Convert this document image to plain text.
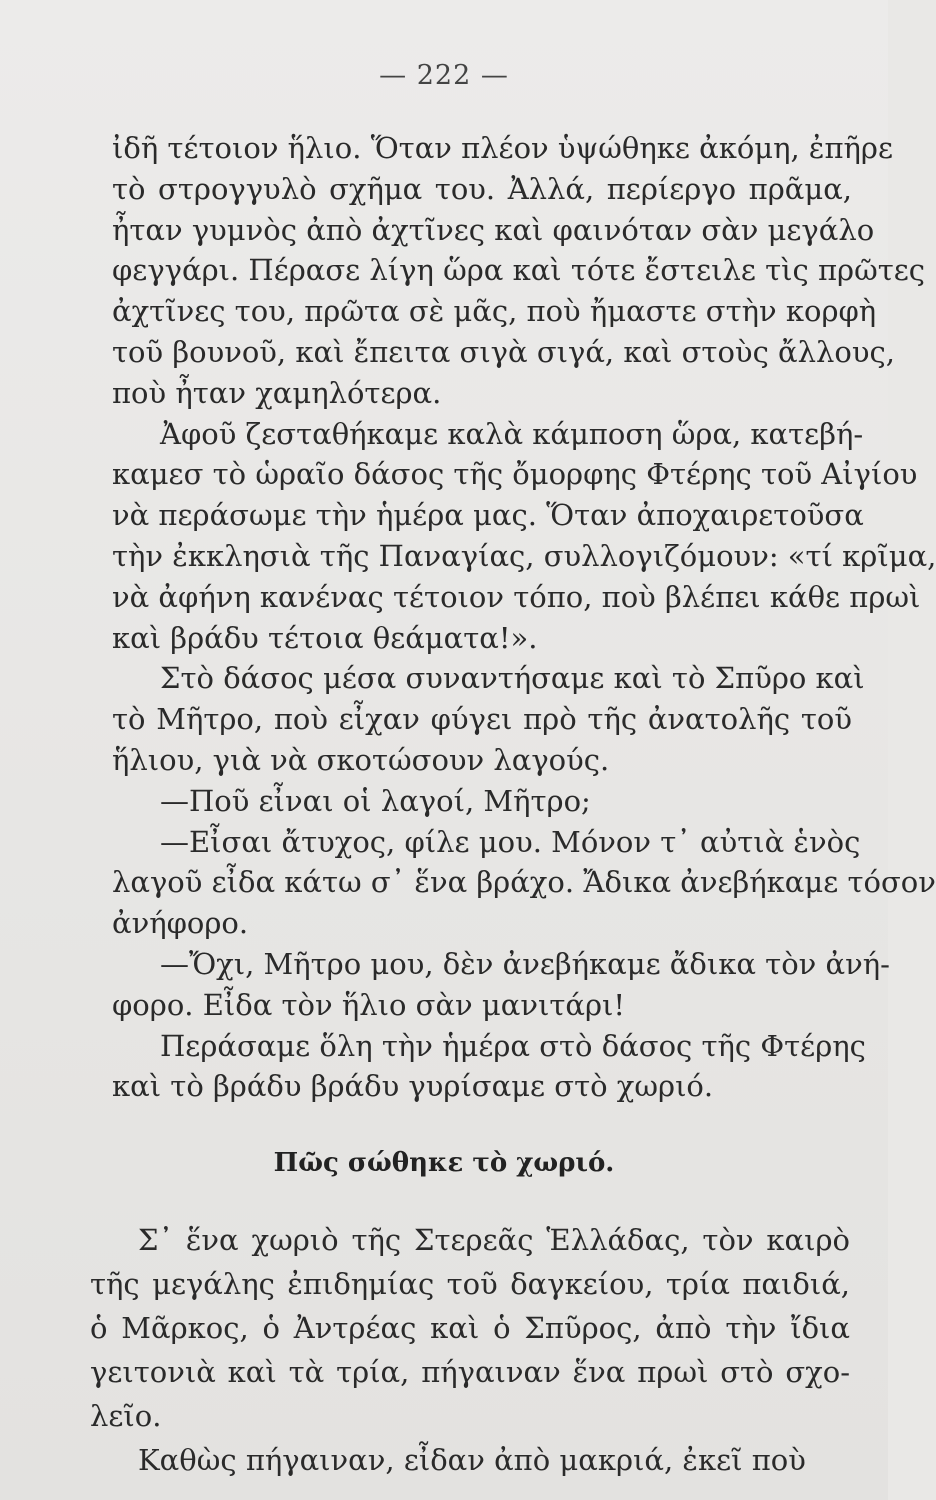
— 222 —
ἰδῆ τέτοιον ἥλιο. Ὅταν πλέον ὑψώθηκε ἀκόμη, ἐπῆρε
τὸ στρογγυλὸ σχῆμα του. Ἀλλά, περίεργο πρᾶμα,
ἦταν γυμνὸς ἀπὸ ἀχτῖνες καὶ φαινόταν σὰν μεγάλο
φεγγάρι. Πέρασε λίγη ὥρα καὶ τότε ἔστειλε τὶς πρῶτες
ἀχτῖνες του, πρῶτα σὲ μᾶς, ποὺ ἤμαστε στὴν κορφὴ
τοῦ βουνοῦ, καὶ ἔπειτα σιγὰ σιγά, καὶ στοὺς ἄλλους,
ποὺ ἦταν χαμηλότερα.
Ἀφοῦ ζεσταθήκαμε καλὰ κάμποση ὥρα, κατεβή-
καμεσ τὸ ὡραῖο δάσος τῆς ὄμορφης Φτέρης τοῦ Αἰγίου
νὰ περάσωμε τὴν ἡμέρα μας. Ὅταν ἀποχαιρετοῦσα
τὴν ἐκκλησιὰ τῆς Παναγίας, συλλογιζόμουν: «τί κρῖμα,
νὰ ἀφήνη κανένας τέτοιον τόπο, ποὺ βλέπει κάθε πρωὶ
καὶ βράδυ τέτοια θεάματα!».
Στὸ δάσος μέσα συναντήσαμε καὶ τὸ Σπῦρο καὶ
τὸ Μῆτρο, ποὺ εἶχαν φύγει πρὸ τῆς ἀνατολῆς τοῦ
ἥλιου, γιὰ νὰ σκοτώσουν λαγούς.
—Ποῦ εἶναι οἱ λαγοί, Μῆτρο;
—Εἶσαι ἄτυχος, φίλε μου. Μόνον τ᾽ αὐτιὰ ἑνὸς
λαγοῦ εἶδα κάτω σ᾽ ἕνα βράχο. Ἄδικα ἀνεβήκαμε τόσον
ἀνήφορο.
—Ὄχι, Μῆτρο μου, δὲν ἀνεβήκαμε ἄδικα τὸν ἀνή-
φορο. Εἶδα τὸν ἥλιο σὰν μανιτάρι!
Περάσαμε ὅλη τὴν ἡμέρα στὸ δάσος τῆς Φτέρης
καὶ τὸ βράδυ βράδυ γυρίσαμε στὸ χωριό.
Πῶς σώθηκε τὸ χωριό.
Σ᾽ ἕνα χωριὸ τῆς Στερεᾶς Ἑλλάδας, τὸν καιρὸ
τῆς μεγάλης ἐπιδημίας τοῦ δαγκείου, τρία παιδιά,
ὁ Μᾶρκος, ὁ Ἀντρέας καὶ ὁ Σπῦρος, ἀπὸ τὴν ἴδια
γειτονιὰ καὶ τὰ τρία, πήγαιναν ἕνα πρωὶ στὸ σχο-
λεῖο.
Καθὼς πήγαιναν, εἶδαν ἀπὸ μακριά, ἐκεῖ ποὺ
